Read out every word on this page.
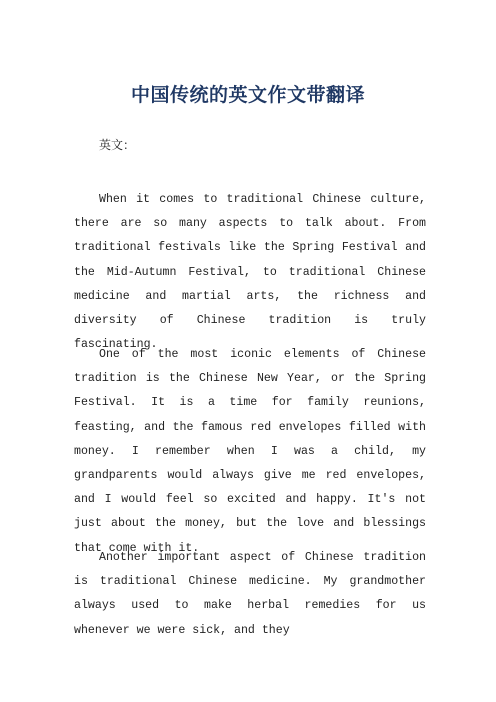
中国传统的英文作文带翻译
英文：

When it comes to traditional Chinese culture, there are so many aspects to talk about. From traditional festivals like the Spring Festival and the Mid-Autumn Festival, to traditional Chinese medicine and martial arts, the richness and diversity of Chinese tradition is truly fascinating.

One of the most iconic elements of Chinese tradition is the Chinese New Year, or the Spring Festival. It is a time for family reunions, feasting, and the famous red envelopes filled with money. I remember when I was a child, my grandparents would always give me red envelopes, and I would feel so excited and happy. It's not just about the money, but the love and blessings that come with it.

Another important aspect of Chinese tradition is traditional Chinese medicine. My grandmother always used to make herbal remedies for us whenever we were sick, and they
